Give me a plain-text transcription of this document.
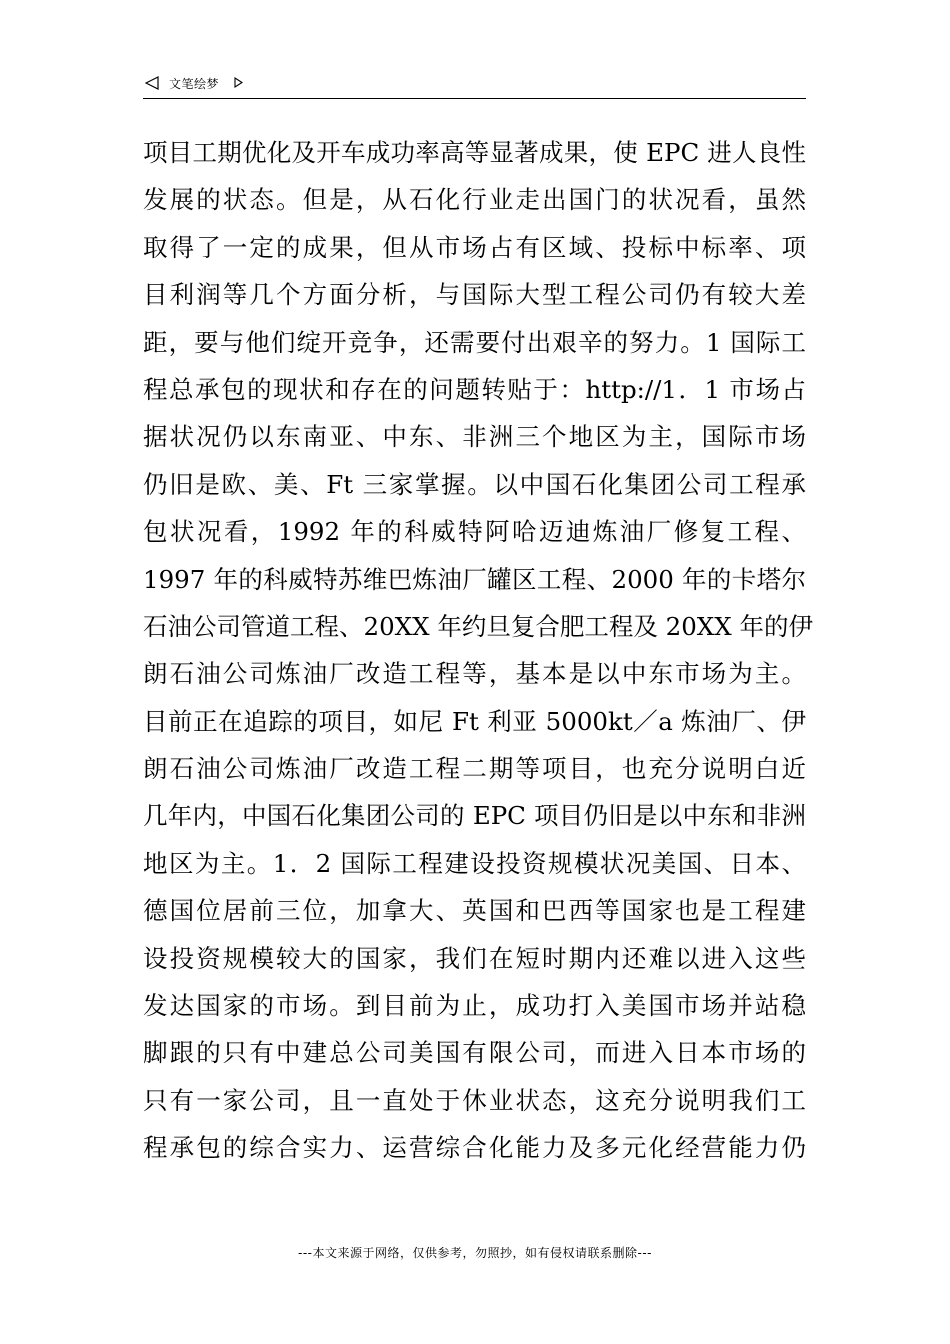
文笔绘梦
项目工期优化及开车成功率高等显著成果，使 EPC 进人良性
发展的状态。但是，从石化行业走出国门的状况看，虽然
取得了一定的成果，但从市场占有区域、投标中标率、项
目利润等几个方面分析，与国际大型工程公司仍有较大差
距，要与他们绽开竞争，还需要付出艰辛的努力。1 国际工
程总承包的现状和存在的问题转贴于：http://1．1 市场占
据状况仍以东南亚、中东、非洲三个地区为主，国际市场
仍旧是欧、美、Ft 三家掌握。以中国石化集团公司工程承
包状况看，1992 年的科威特阿哈迈迪炼油厂修复工程、
1997 年的科威特苏维巴炼油厂罐区工程、2000 年的卡塔尔
石油公司管道工程、20XX 年约旦复合肥工程及 20XX 年的伊
朗石油公司炼油厂改造工程等，基本是以中东市场为主。
目前正在追踪的项目，如尼 Ft 利亚 5000kt／a 炼油厂、伊
朗石油公司炼油厂改造工程二期等项目，也充分说明白近
几年内，中国石化集团公司的 EPC 项目仍旧是以中东和非洲
地区为主。1．2 国际工程建设投资规模状况美国、日本、
德国位居前三位，加拿大、英国和巴西等国家也是工程建
设投资规模较大的国家，我们在短时期内还难以进入这些
发达国家的市场。到目前为止，成功打入美国市场并站稳
脚跟的只有中建总公司美国有限公司，而进入日本市场的
只有一家公司，且一直处于休业状态，这充分说明我们工
程承包的综合实力、运营综合化能力及多元化经营能力仍
---本文来源于网络，仅供参考，勿照抄，如有侵权请联系删除---
